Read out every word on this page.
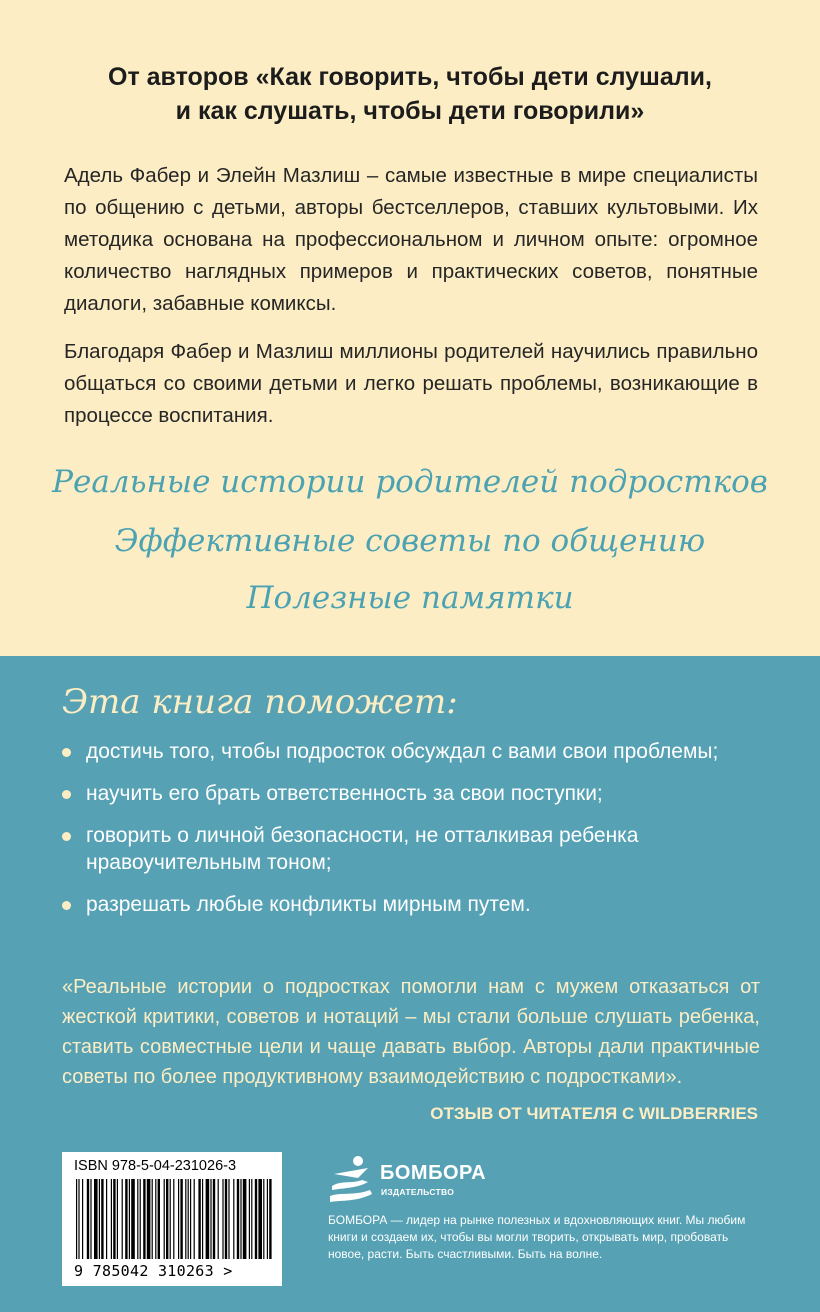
От авторов «Как говорить, чтобы дети слушали,
и как слушать, чтобы дети говорили»
Адель Фабер и Элейн Мазлиш – самые известные в мире специалисты по общению с детьми, авторы бестселлеров, ставших культовыми. Их методика основана на профессиональном и личном опыте: огромное количество наглядных примеров и практических советов, понятные диалоги, забавные комиксы.
Благодаря Фабер и Мазлиш миллионы родителей научились правильно общаться со своими детьми и легко решать проблемы, возникающие в процессе воспитания.
Реальные истории родителей подростков
Эффективные советы по общению
Полезные памятки
Эта книга поможет:
достичь того, чтобы подросток обсуждал с вами свои проблемы;
научить его брать ответственность за свои поступки;
говорить о личной безопасности, не отталкивая ребенка нравоучительным тоном;
разрешать любые конфликты мирным путем.
«Реальные истории о подростках помогли нам с мужем отказаться от жесткой критики, советов и нотаций – мы стали больше слушать ребенка, ставить совместные цели и чаще давать выбор. Авторы дали практичные советы по более продуктивному взаимодействию с подростками».
ОТЗЫВ ОТ ЧИТАТЕЛЯ С WILDBERRIES
ISBN 978-5-04-231026-3
9 785042 310263 >
БОМБОРА
ИЗДАТЕЛЬСТВО
БОМБОРА — лидер на рынке полезных и вдохновляющих книг. Мы любим книги и создаем их, чтобы вы могли творить, открывать мир, пробовать новое, расти. Быть счастливыми. Быть на волне.
